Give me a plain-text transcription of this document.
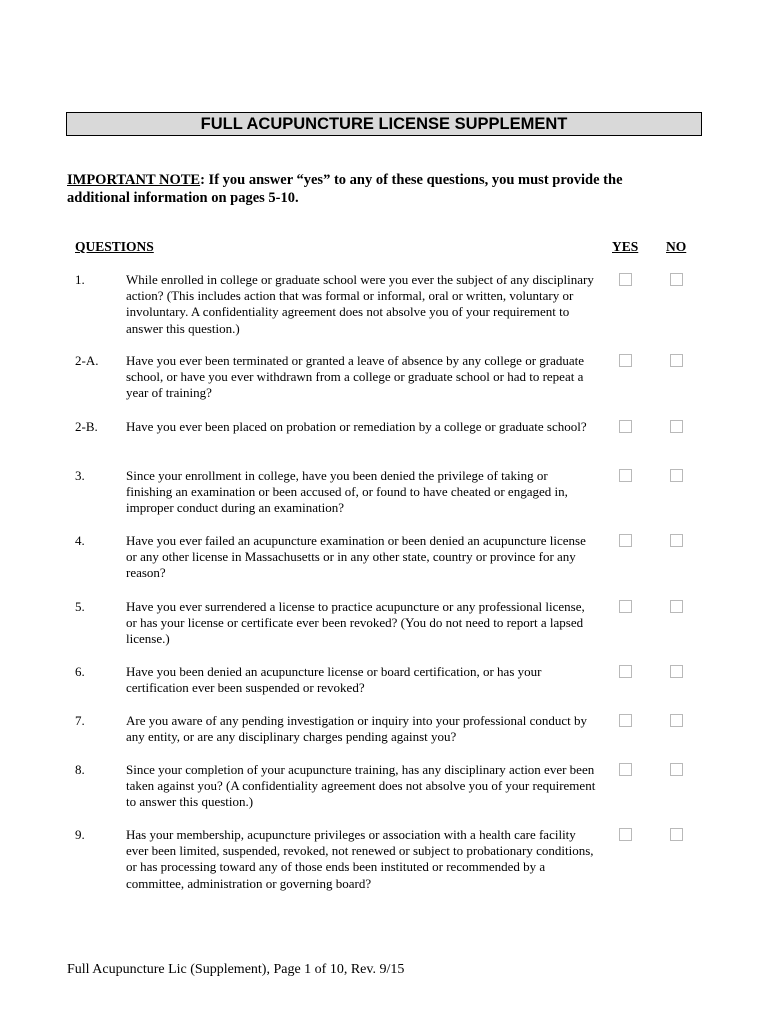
FULL ACUPUNCTURE LICENSE SUPPLEMENT
IMPORTANT NOTE: If you answer “yes” to any of these questions, you must provide the additional information on pages 5-10.
QUESTIONS	YES NO
1.	While enrolled in college or graduate school were you ever the subject of any disciplinary action? (This includes action that was formal or informal, oral or written, voluntary or involuntary. A confidentiality agreement does not absolve you of your requirement to answer this question.)
2-A. Have you ever been terminated or granted a leave of absence by any college or graduate school, or have you ever withdrawn from a college or graduate school or had to repeat a year of training?
2-B. Have you ever been placed on probation or remediation by a college or graduate school?
3.	Since your enrollment in college, have you been denied the privilege of taking or finishing an examination or been accused of, or found to have cheated or engaged in, improper conduct during an examination?
4.	Have you ever failed an acupuncture examination or been denied an acupuncture license or any other license in Massachusetts or in any other state, country or province for any reason?
5.	Have you ever surrendered a license to practice acupuncture or any professional license, or has your license or certificate ever been revoked? (You do not need to report a lapsed license.)
6.	Have you been denied an acupuncture license or board certification, or has your certification ever been suspended or revoked?
7.	Are you aware of any pending investigation or inquiry into your professional conduct by any entity, or are any disciplinary charges pending against you?
8.	Since your completion of your acupuncture training, has any disciplinary action ever been taken against you? (A confidentiality agreement does not absolve you of your requirement to answer this question.)
9.	Has your membership, acupuncture privileges or association with a health care facility ever been limited, suspended, revoked, not renewed or subject to probationary conditions, or has processing toward any of those ends been instituted or recommended by a committee, administration or governing board?
Full Acupuncture Lic (Supplement), Page 1 of 10, Rev. 9/15
